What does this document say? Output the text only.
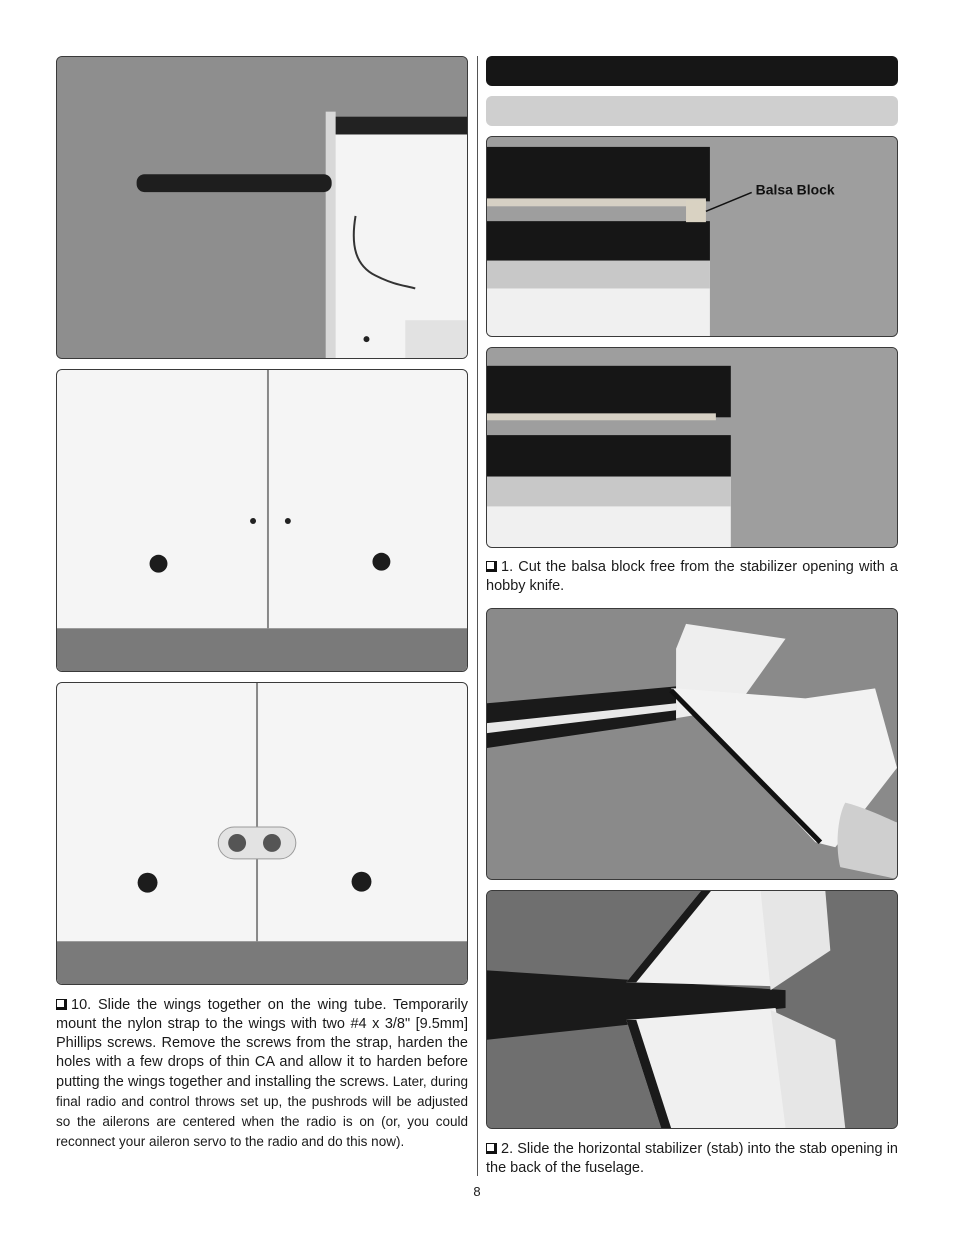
10. Slide the wings together on the wing tube. Temporarily mount the nylon strap to the wings with two #4 x 3/8" [9.5mm] Phillips screws. Remove the screws from the strap, harden the holes with a few drops of thin CA and allow it to harden before putting the wings together and installing the screws. Later, during final radio and control throws set up, the pushrods will be adjusted so the ailerons are centered when the radio is on (or, you could reconnect your aileron servo to the radio and do this now).

Balsa Block

1. Cut the balsa block free from the stabilizer opening with a hobby knife.

2. Slide the horizontal stabilizer (stab) into the stab opening in the back of the fuselage.

8
